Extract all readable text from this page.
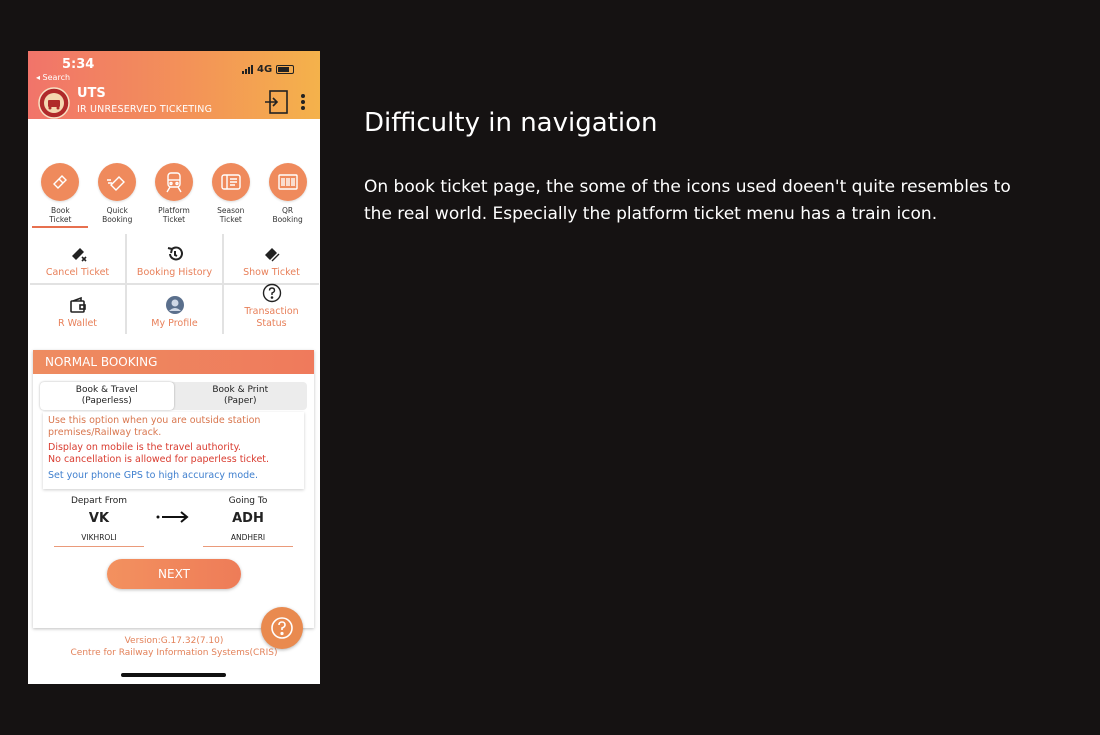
5:34
◂ Search
4G
UTS
IR UNRESERVED TICKETING
Book
Ticket
Quick
Booking
Platform
Ticket
Season
Ticket
QR
Booking
Cancel Ticket	Booking History	Show Ticket
R Wallet	My Profile
Transaction
Status
NORMAL BOOKING
Book & Travel
(Paperless)
Book & Print
(Paper)
Use this option when you are outside station premises/Railway track.
Display on mobile is the travel authority.
No cancellation is allowed for paperless ticket.
Set your phone GPS to high accuracy mode.
Depart From
VK
VIKHROLI
Going To
ADH
ANDHERI
NEXT
Version:G.17.32(7.10)
Centre for Railway Information Systems(CRIS)
Difficulty in navigation
On book ticket page, the some of the icons used doeen't quite resembles to the real world. Especially the platform ticket menu has a train icon.
